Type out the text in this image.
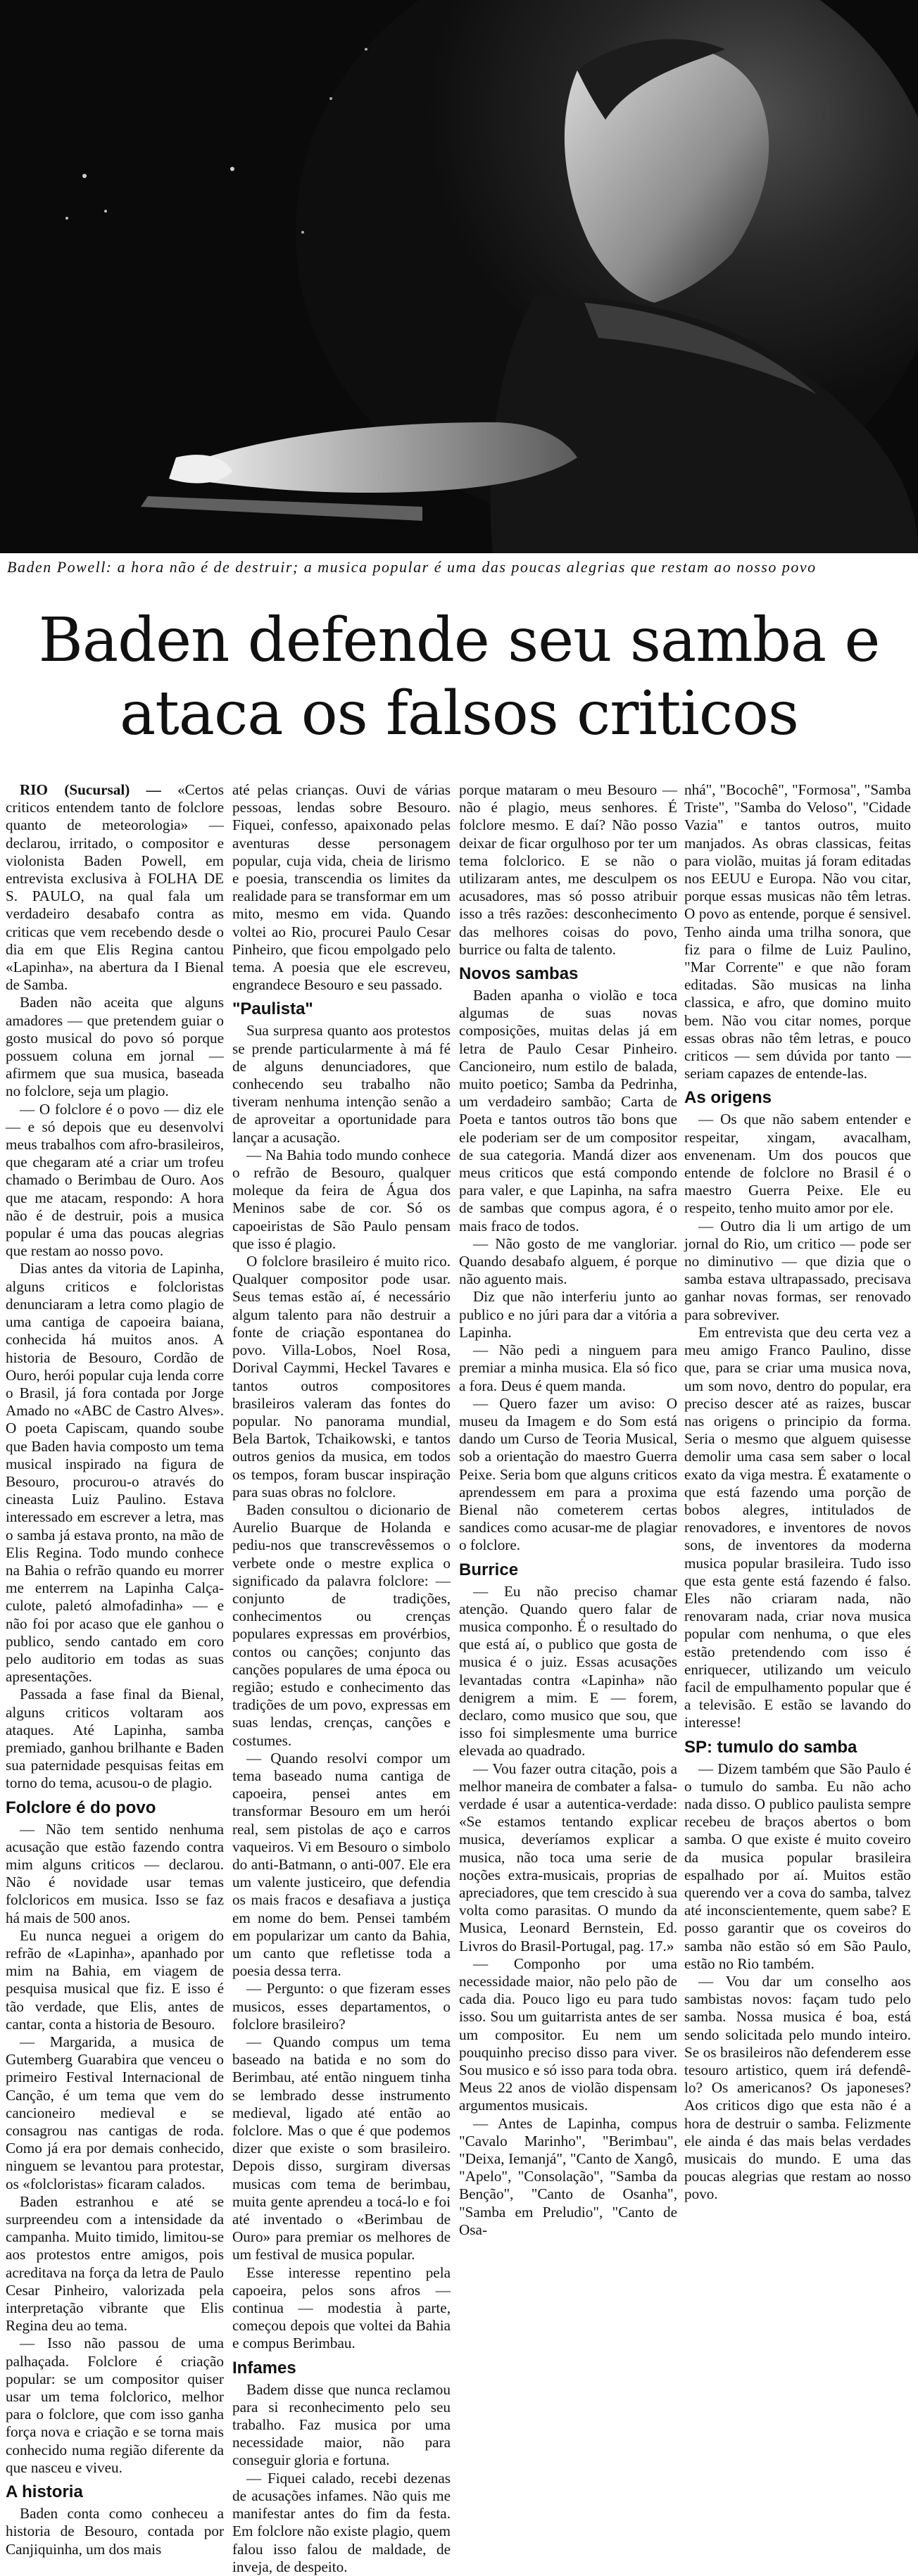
Baden Powell: a hora não é de destruir; a musica popular é uma das poucas alegrias que restam ao nosso povo
Baden defende seu samba e
ataca os falsos criticos

RIO (Sucursal) — «Certos criticos entendem tanto de folclore quanto de meteorologia» — declarou, irritado, o compositor e violonista Baden Powell, em entrevista exclusiva à FOLHA DE S. PAULO, na qual fala um verdadeiro desabafo contra as criticas que vem recebendo desde o dia em que Elis Regina cantou «Lapinha», na abertura da I Bienal de Samba.

Baden não aceita que alguns amadores — que pretendem guiar o gosto musical do povo só porque possuem coluna em jornal — afirmem que sua musica, baseada no folclore, seja um plagio.

— O folclore é o povo — diz ele — e só depois que eu desenvolvi meus trabalhos com afro-brasileiros, que chegaram até a criar um trofeu chamado o Berimbau de Ouro. Aos que me atacam, respondo: A hora não é de destruir, pois a musica popular é uma das poucas alegrias que restam ao nosso povo.

Dias antes da vitoria de Lapinha, alguns criticos e folcloristas denunciaram a letra como plagio de uma cantiga de capoeira baiana, conhecida há muitos anos. A historia de Besouro, Cordão de Ouro, herói popular cuja lenda corre o Brasil, já fora contada por Jorge Amado no «ABC de Castro Alves». O poeta Capiscam, quando soube que Baden havia composto um tema musical inspirado na figura de Besouro, procurou-o através do cineasta Luiz Paulino. Estava interessado em escrever a letra, mas o samba já estava pronto, na mão de Elis Regina. Todo mundo conhece na Bahia o refrão quando eu morrer me enterrem na Lapinha Calça-culote, paletó almofadinha» — e não foi por acaso que ele ganhou o publico, sendo cantado em coro pelo auditorio em todas as suas apresentações.

Passada a fase final da Bienal, alguns criticos voltaram aos ataques. Até Lapinha, samba premiado, ganhou brilhante e Baden sua paternidade pesquisas feitas em torno do tema, acusou-o de plagio.

Folclore é do povo

— Não tem sentido nenhuma acusação que estão fazendo contra mim alguns criticos — declarou. Não é novidade usar temas folcloricos em musica. Isso se faz há mais de 500 anos.

Eu nunca neguei a origem do refrão de «Lapinha», apanhado por mim na Bahia, em viagem de pesquisa musical que fiz. E isso é tão verdade, que Elis, antes de cantar, conta a historia de Besouro.

— Margarida, a musica de Gutemberg Guarabira que venceu o primeiro Festival Internacional de Canção, é um tema que vem do cancioneiro medieval e se consagrou nas cantigas de roda. Como já era por demais conhecido, ninguem se levantou para protestar, os «folcloristas» ficaram calados.

Baden estranhou e até se surpreendeu com a intensidade da campanha. Muito timido, limitou-se aos protestos entre amigos, pois acreditava na força da letra de Paulo Cesar Pinheiro, valorizada pela interpretação vibrante que Elis Regina deu ao tema.

— Isso não passou de uma palhaçada. Folclore é criação popular: se um compositor quiser usar um tema folclorico, melhor para o folclore, que com isso ganha força nova e criação e se torna mais conhecido numa região diferente da que nasceu e viveu.

A historia

Baden conta como conheceu a historia de Besouro, contada por Canjiquinha, um dos mais

até pelas crianças. Ouvi de várias pessoas, lendas sobre Besouro. Fiquei, confesso, apaixonado pelas aventuras desse personagem popular, cuja vida, cheia de lirismo e poesia, transcendia os limites da realidade para se transformar em um mito, mesmo em vida. Quando voltei ao Rio, procurei Paulo Cesar Pinheiro, que ficou empolgado pelo tema. A poesia que ele escreveu, engrandece Besouro e seu passado.

"Paulista"

Sua surpresa quanto aos protestos se prende particularmente à má fé de alguns denunciadores, que conhecendo seu trabalho não tiveram nenhuma intenção senão a de aproveitar a oportunidade para lançar a acusação.

— Na Bahia todo mundo conhece o refrão de Besouro, qualquer moleque da feira de Água dos Meninos sabe de cor. Só os capoeiristas de São Paulo pensam que isso é plagio.

O folclore brasileiro é muito rico. Qualquer compositor pode usar. Seus temas estão aí, é necessário algum talento para não destruir a fonte de criação espontanea do povo. Villa-Lobos, Noel Rosa, Dorival Caymmi, Heckel Tavares e tantos outros compositores brasileiros valeram das fontes do popular. No panorama mundial, Bela Bartok, Tchaikowski, e tantos outros genios da musica, em todos os tempos, foram buscar inspiração para suas obras no folclore.

Baden consultou o dicionario de Aurelio Buarque de Holanda e pediu-nos que transcrevêssemos o verbete onde o mestre explica o significado da palavra folclore: — conjunto de tradições, conhecimentos ou crenças populares expressas em provérbios, contos ou canções; conjunto das canções populares de uma época ou região; estudo e conhecimento das tradições de um povo, expressas em suas lendas, crenças, canções e costumes.

— Quando resolvi compor um tema baseado numa cantiga de capoeira, pensei antes em transformar Besouro em um herói real, sem pistolas de aço e carros vaqueiros. Vi em Besouro o simbolo do anti-Batmann, o anti-007. Ele era um valente justiceiro, que defendia os mais fracos e desafiava a justiça em nome do bem. Pensei também em popularizar um canto da Bahia, um canto que refletisse toda a poesia dessa terra.

— Pergunto: o que fizeram esses musicos, esses departamentos, o folclore brasileiro?

— Quando compus um tema baseado na batida e no som do Berimbau, até então ninguem tinha se lembrado desse instrumento medieval, ligado até então ao folclore. Mas o que é que podemos dizer que existe o som brasileiro. Depois disso, surgiram diversas musicas com tema de berimbau, muita gente aprendeu a tocá-lo e foi até inventado o «Berimbau de Ouro» para premiar os melhores de um festival de musica popular.

Esse interesse repentino pela capoeira, pelos sons afros — continua — modestia à parte, começou depois que voltei da Bahia e compus Berimbau.

Infames

Badem disse que nunca reclamou para si reconhecimento pelo seu trabalho. Faz musica por uma necessidade maior, não para conseguir gloria e fortuna.

— Fiquei calado, recebi dezenas de acusações infames. Não quis me manifestar antes do fim da festa. Em folclore não existe plagio, quem falou isso falou de maldade, de inveja, de despeito.

porque mataram o meu Besouro — não é plagio, meus senhores. É folclore mesmo. E daí? Não posso deixar de ficar orgulhoso por ter um tema folclorico. E se não o utilizaram antes, me desculpem os acusadores, mas só posso atribuir isso a três razões: desconhecimento das melhores coisas do povo, burrice ou falta de talento.

Novos sambas

Baden apanha o violão e toca algumas de suas novas composições, muitas delas já em letra de Paulo Cesar Pinheiro. Cancioneiro, num estilo de balada, muito poetico; Samba da Pedrinha, um verdadeiro sambão; Carta de Poeta e tantos outros tão bons que ele poderiam ser de um compositor de sua categoria. Mandá dizer aos meus criticos que está compondo para valer, e que Lapinha, na safra de sambas que compus agora, é o mais fraco de todos.

— Não gosto de me vangloriar. Quando desabafo alguem, é porque não aguento mais.

Diz que não interferiu junto ao publico e no júri para dar a vitória a Lapinha.

— Não pedi a ninguem para premiar a minha musica. Ela só fico a fora. Deus é quem manda.

— Quero fazer um aviso: O museu da Imagem e do Som está dando um Curso de Teoria Musical, sob a orientação do maestro Guerra Peixe. Seria bom que alguns criticos aprendessem em para a proxima Bienal não cometerem certas sandices como acusar-me de plagiar o folclore.

Burrice

— Eu não preciso chamar atenção. Quando quero falar de musica componho. É o resultado do que está aí, o publico que gosta de musica é o juiz. Essas acusações levantadas contra «Lapinha» não denigrem a mim. E — forem, declaro, como musico que sou, que isso foi simplesmente uma burrice elevada ao quadrado.

— Vou fazer outra citação, pois a melhor maneira de combater a falsa-verdade é usar a autentica-verdade: «Se estamos tentando explicar musica, deveríamos explicar a musica, não toca uma serie de noções extra-musicais, proprias de apreciadores, que tem crescido à sua volta como parasitas. O mundo da Musica, Leonard Bernstein, Ed. Livros do Brasil-Portugal, pag. 17.»

— Componho por uma necessidade maior, não pelo pão de cada dia. Pouco ligo eu para tudo isso. Sou um guitarrista antes de ser um compositor. Eu nem um pouquinho preciso disso para viver. Sou musico e só isso para toda obra. Meus 22 anos de violão dispensam argumentos musicais.

— Antes de Lapinha, compus "Cavalo Marinho", "Berimbau", "Deixa, Iemanjá", "Canto de Xangô, "Apelo", "Consolação", "Samba da Benção", "Canto de Osanha", "Samba em Preludio", "Canto de Osa-

nhá", "Bocochê", "Formosa", "Samba Triste", "Samba do Veloso", "Cidade Vazia" e tantos outros, muito manjados. As obras classicas, feitas para violão, muitas já foram editadas nos EEUU e Europa. Não vou citar, porque essas musicas não têm letras. O povo as entende, porque é sensivel. Tenho ainda uma trilha sonora, que fiz para o filme de Luiz Paulino, "Mar Corrente" e que não foram editadas. São musicas na linha classica, e afro, que domino muito bem. Não vou citar nomes, porque essas obras não têm letras, e pouco criticos — sem dúvida por tanto — seriam capazes de entende-las.

As origens

— Os que não sabem entender e respeitar, xingam, avacalham, envenenam. Um dos poucos que entende de folclore no Brasil é o maestro Guerra Peixe. Ele eu respeito, tenho muito amor por ele.

— Outro dia li um artigo de um jornal do Rio, um critico — pode ser no diminutivo — que dizia que o samba estava ultrapassado, precisava ganhar novas formas, ser renovado para sobreviver.

Em entrevista que deu certa vez a meu amigo Franco Paulino, disse que, para se criar uma musica nova, um som novo, dentro do popular, era preciso descer até as raizes, buscar nas origens o principio da forma. Seria o mesmo que alguem quisesse demolir uma casa sem saber o local exato da viga mestra. É exatamente o que está fazendo uma porção de bobos alegres, intitulados de renovadores, e inventores de novos sons, de inventores da moderna musica popular brasileira. Tudo isso que esta gente está fazendo é falso. Eles não criaram nada, não renovaram nada, criar nova musica popular com nenhuma, o que eles estão pretendendo com isso é enriquecer, utilizando um veiculo facil de empulhamento popular que é a televisão. E estão se lavando do interesse!

SP: tumulo do samba

— Dizem também que São Paulo é o tumulo do samba. Eu não acho nada disso. O publico paulista sempre recebeu de braços abertos o bom samba. O que existe é muito coveiro da musica popular brasileira espalhado por aí. Muitos estão querendo ver a cova do samba, talvez até inconscientemente, quem sabe? E posso garantir que os coveiros do samba não estão só em São Paulo, estão no Rio também.

— Vou dar um conselho aos sambistas novos: façam tudo pelo samba. Nossa musica é boa, está sendo solicitada pelo mundo inteiro. Se os brasileiros não defenderem esse tesouro artistico, quem irá defendê-lo? Os americanos? Os japoneses? Aos criticos digo que esta não é a hora de destruir o samba. Felizmente ele ainda é das mais belas verdades musicais do mundo. E uma das poucas alegrias que restam ao nosso povo.
